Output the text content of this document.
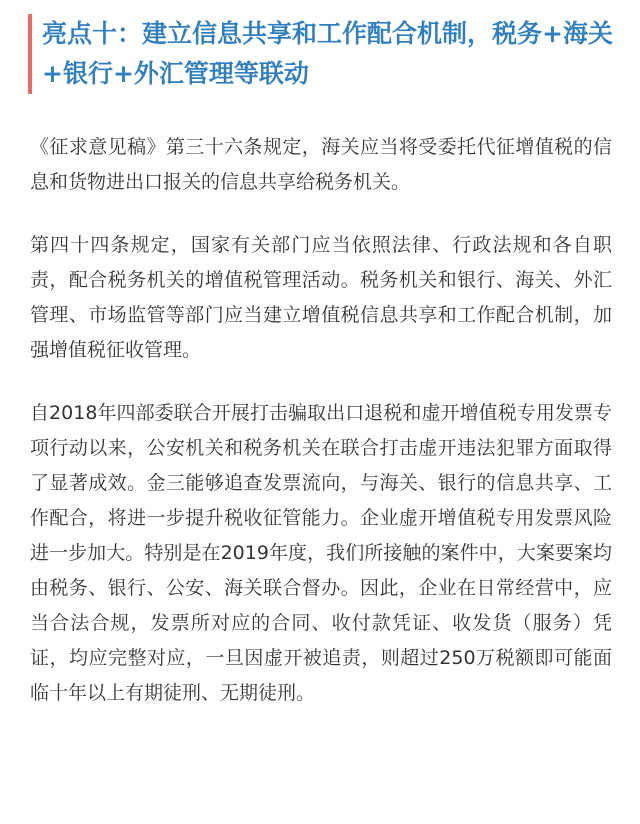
亮点十：建立信息共享和工作配合机制，税务+海关+银行+外汇管理等联动

《征求意见稿》第三十六条规定，海关应当将受委托代征增值税的信息和货物进出口报关的信息共享给税务机关。

第四十四条规定，国家有关部门应当依照法律、行政法规和各自职责，配合税务机关的增值税管理活动。税务机关和银行、海关、外汇管理、市场监管等部门应当建立增值税信息共享和工作配合机制，加强增值税征收管理。

自2018年四部委联合开展打击骗取出口退税和虚开增值税专用发票专项行动以来，公安机关和税务机关在联合打击虚开违法犯罪方面取得了显著成效。金三能够追查发票流向，与海关、银行的信息共享、工作配合，将进一步提升税收征管能力。企业虚开增值税专用发票风险进一步加大。特别是在2019年度，我们所接触的案件中，大案要案均由税务、银行、公安、海关联合督办。因此，企业在日常经营中，应当合法合规，发票所对应的合同、收付款凭证、收发货（服务）凭证，均应完整对应，一旦因虚开被追责，则超过250万税额即可能面临十年以上有期徒刑、无期徒刑。
